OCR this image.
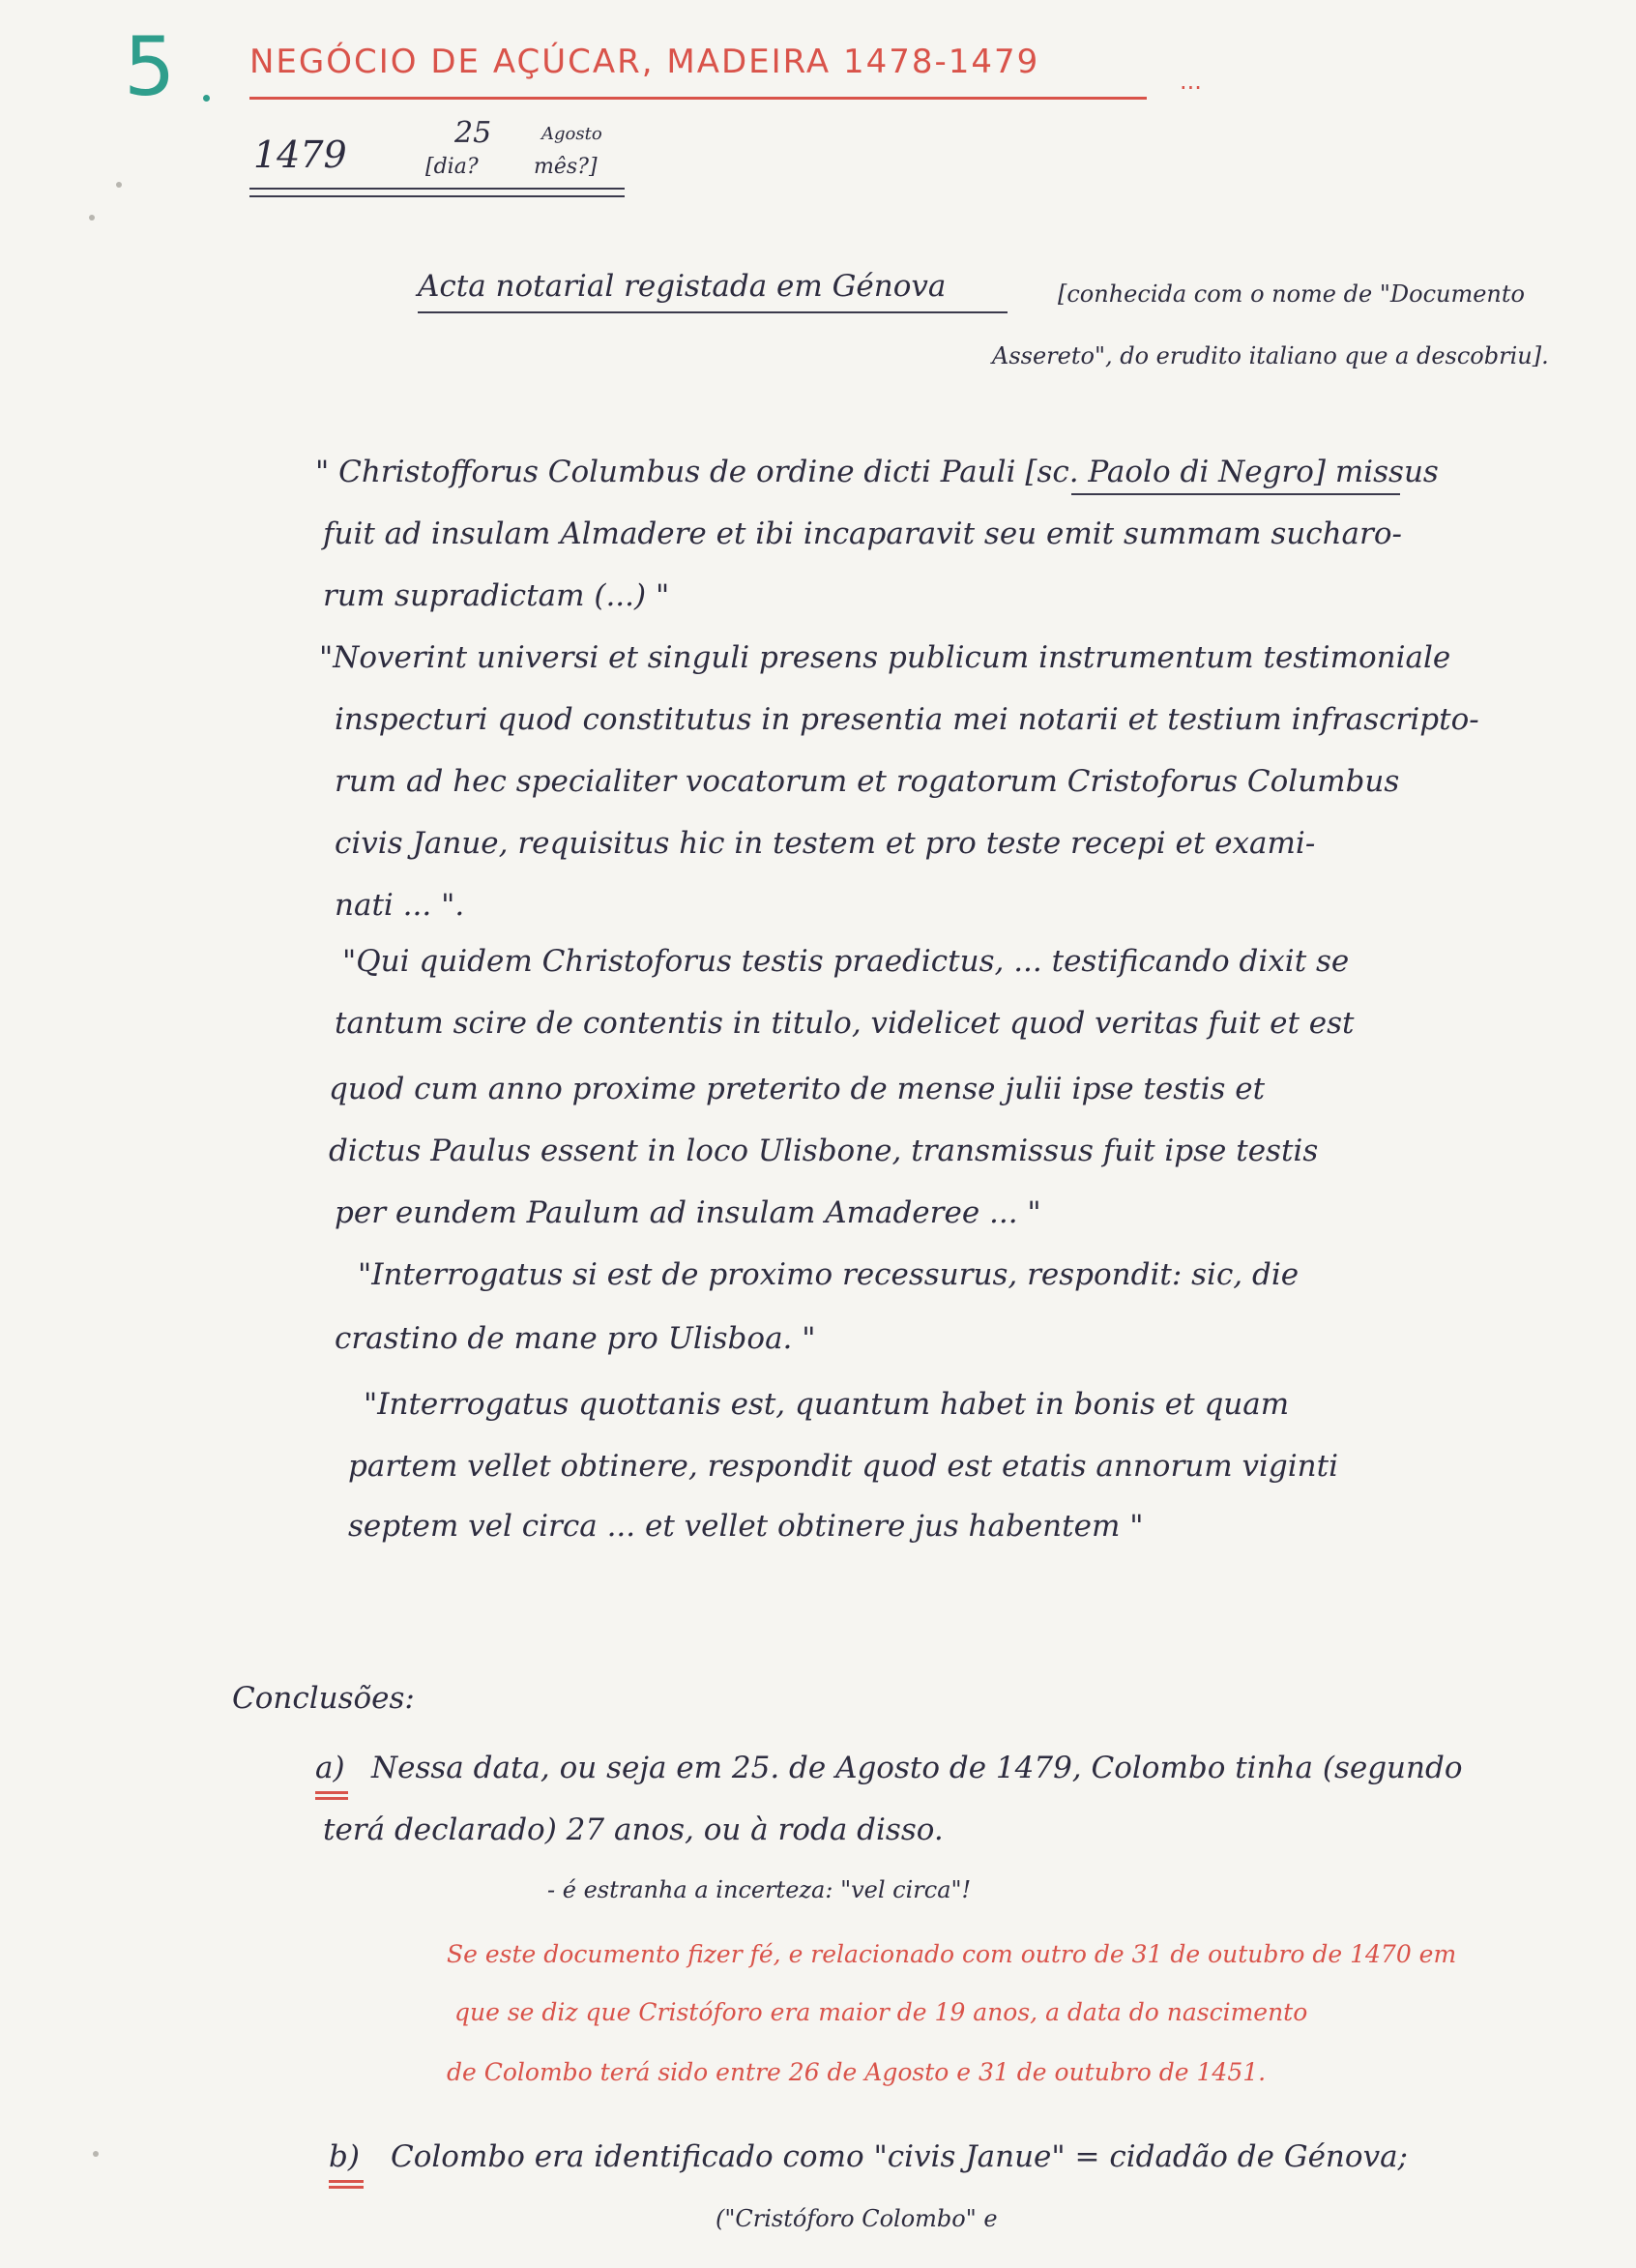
5 NEGÓCIO DE AÇÚCAR, MADEIRA 1478-1479	...
1479
25
[dia?
Agosto
mês?]
Acta notarial registada em Génova	[conhecida com o nome de "Documento
Assereto", do erudito italiano que a descobriu].
" Christofforus Columbus de ordine dicti Pauli [sc. Paolo di Negro] missus
fuit ad insulam Almadere et ibi incaparavit seu emit summam sucharo-
rum supradictam (...) "
"Noverint universi et singuli presens publicum instrumentum testimoniale
inspecturi quod constitutus in presentia mei notarii et testium infrascripto-
rum ad hec specialiter vocatorum et rogatorum Cristoforus Columbus
civis Janue, requisitus hic in testem et pro teste recepi et exami-
nati ... ".
"Qui quidem Christoforus testis praedictus, ... testificando dixit se
tantum scire de contentis in titulo, videlicet quod veritas fuit et est
quod cum anno proxime preterito de mense julii ipse testis et
dictus Paulus essent in loco Ulisbone, transmissus fuit ipse testis
per eundem Paulum ad insulam Amaderee ... "
"Interrogatus si est de proximo recessurus, respondit: sic, die
crastino de mane pro Ulisboa. "
"Interrogatus quottanis est, quantum habet in bonis et quam
partem vellet obtinere, respondit quod est etatis annorum viginti
septem vel circa ... et vellet obtinere jus habentem "
Conclusões:
a) Nessa data, ou seja em 25. de Agosto de 1479, Colombo tinha (segundo
terá declarado) 27 anos, ou à roda disso.
- é estranha a incerteza: "vel circa"!
Se este documento fizer fé, e relacionado com outro de 31 de outubro de 1470 em
que se diz que Cristóforo era maior de 19 anos, a data do nascimento
de Colombo terá sido entre 26 de Agosto e 31 de outubro de 1451.
b) Colombo era identificado como "civis Janue" = cidadão de Génova;
("Cristóforo Colombo" e
